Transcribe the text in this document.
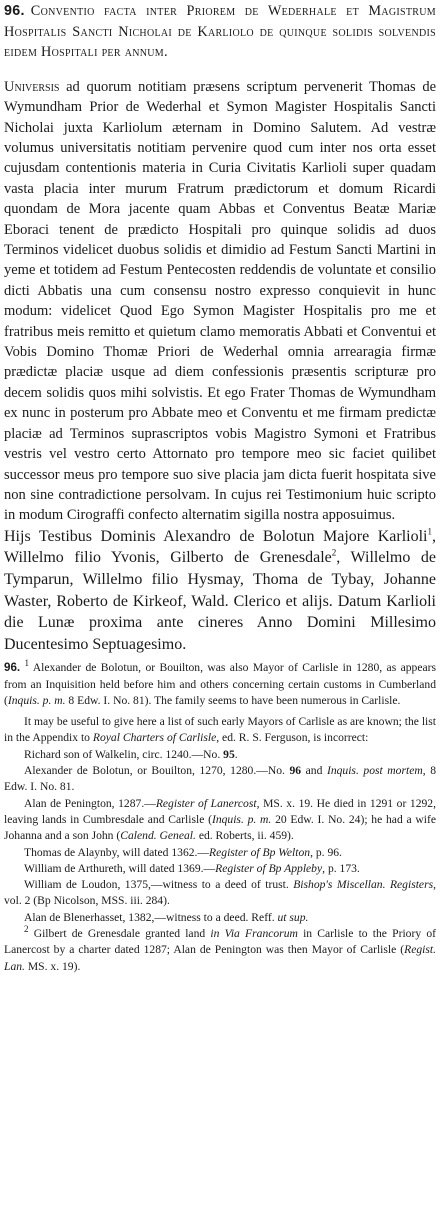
96. Conventio facta inter Priorem de Wederhale et Magistrum Hospitalis Sancti Nicholai de Karliolo de quinque solidis solvendis eidem Hospitali per annum.

Universis ad quorum notitiam præsens scriptum pervenerit Thomas de Wymundham Prior de Wederhal et Symon Magister Hospitalis Sancti Nicholai juxta Karliolum æternam in Domino Salutem. Ad vestræ volumus universitatis notitiam pervenire quod cum inter nos orta esset cujusdam contentionis materia in Curia Civitatis Karlioli super quadam vasta placia inter murum Fratrum prædictorum et domum Ricardi quondam de Mora jacente quam Abbas et Conventus Beatæ Mariæ Eboraci tenent de prædicto Hospitali pro quinque solidis ad duos Terminos videlicet duobus solidis et dimidio ad Festum Sancti Martini in yeme et totidem ad Festum Pentecosten reddendis de voluntate et consilio dicti Abbatis una cum consensu nostro expresso conquievit in hunc modum: videlicet Quod Ego Symon Magister Hospitalis pro me et fratribus meis remitto et quietum clamo memoratis Abbati et Conventui et Vobis Domino Thomæ Priori de Wederhal omnia arrearagia firmæ prædictæ placiæ usque ad diem confessionis præsentis scripturæ pro decem solidis quos mihi solvistis. Et ego Frater Thomas de Wymundham ex nunc in posterum pro Abbate meo et Conventu et me firmam predictæ placiæ ad Terminos suprascriptos vobis Magistro Symoni et Fratribus vestris vel vestro certo Attornato pro tempore meo sic faciet quilibet successor meus pro tempore suo sive placia jam dicta fuerit hospitata sive non sine contradictione persolvam. In cujus rei Testimonium huic scripto in modum Cirograffi confecto alternatim sigilla nostra apposuimus.

Hijs Testibus Dominis Alexandro de Bolotun Majore Karlioli$^1$, Willelmo filio Yvonis, Gilberto de Grenesdale$^2$, Willelmo de Tymparun, Willelmo filio Hysmay, Thoma de Tybay, Johanne Waster, Roberto de Kirkeof, Wald. Clerico et alijs. Datum Karlioli die Lunæ proxima ante cineres Anno Domini Millesimo Ducentesimo Septuagesimo.

96. $^1$ Alexander de Bolotun, or Bouilton, was also Mayor of Carlisle in 1280, as appears from an Inquisition held before him and others concerning certain customs in Cumberland (Inquis. p. m. 8 Edw. I. No. 81). The family seems to have been numerous in Carlisle.

It may be useful to give here a list of such early Mayors of Carlisle as are known; the list in the Appendix to Royal Charters of Carlisle, ed. R. S. Ferguson, is incorrect:

Richard son of Walkelin, circ. 1240.—No. 95.

Alexander de Bolotun, or Bouilton, 1270, 1280.—No. 96 and Inquis. post mortem, 8 Edw. I. No. 81.

Alan de Penington, 1287.—Register of Lanercost, MS. x. 19. He died in 1291 or 1292, leaving lands in Cumbresdale and Carlisle (Inquis. p. m. 20 Edw. I. No. 24); he had a wife Johanna and a son John (Calend. Geneal. ed. Roberts, ii. 459).

Thomas de Alaynby, will dated 1362.—Register of Bp Welton, p. 96.

William de Arthureth, will dated 1369.—Register of Bp Appleby, p. 173.

William de Loudon, 1375,—witness to a deed of trust. Bishop's Miscellan. Registers, vol. 2 (Bp Nicolson, MSS. iii. 284).

Alan de Blenerhasset, 1382,—witness to a deed. Reff. ut sup.

$^2$ Gilbert de Grenesdale granted land in Via Francorum in Carlisle to the Priory of Lanercost by a charter dated 1287; Alan de Penington was then Mayor of Carlisle (Regist. Lan. MS. x. 19).
